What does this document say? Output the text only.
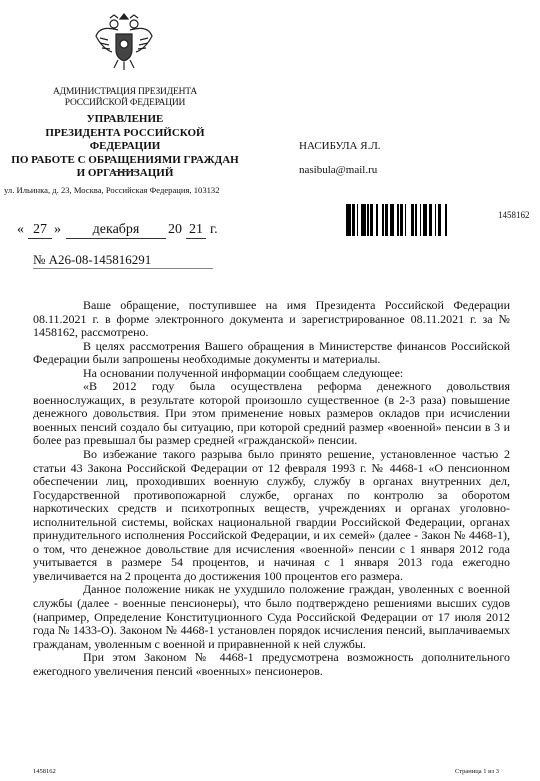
АДМИНИСТРАЦИЯ ПРЕЗИДЕНТА
РОССИЙСКОЙ ФЕДЕРАЦИИ
УПРАВЛЕНИЕ
ПРЕЗИДЕНТА РОССИЙСКОЙ ФЕДЕРАЦИИ
ПО РАБОТЕ С ОБРАЩЕНИЯМИ ГРАЖДАН
И ОРГАНИЗАЦИЙ
ул. Ильинка, д. 23, Москва, Российская Федерация, 103132
НАСИБУЛА Я.Л.
nasibula@mail.ru
1458162
« 27 »	декабря	20 21 г.
№ А26-08-145816291

Ваше обращение, поступившее на имя Президента Российской Федерации 08.11.2021 г. в форме электронного документа и зарегистрированное 08.11.2021 г. за № 1458162, рассмотрено.

В целях рассмотрения Вашего обращения в Министерстве финансов Российской Федерации были запрошены необходимые документы и материалы.

На основании полученной информации сообщаем следующее:

«В 2012 году была осуществлена реформа денежного довольствия военнослужащих, в результате которой произошло существенное (в 2-3 раза) повышение денежного довольствия. При этом применение новых размеров окладов при исчислении военных пенсий создало бы ситуацию, при которой средний размер «военной» пенсии в 3 и более раз превышал бы размер средней «гражданской» пенсии.

Во избежание такого разрыва было принято решение, установленное частью 2 статьи 43 Закона Российской Федерации от 12 февраля 1993 г. № 4468-1 «О пенсионном обеспечении лиц, проходивших военную службу, службу в органах внутренних дел, Государственной противопожарной службе, органах по контролю за оборотом наркотических средств и психотропных веществ, учреждениях и органах уголовно-исполнительной системы, войсках национальной гвардии Российской Федерации, органах принудительного исполнения Российской Федерации, и их семей» (далее - Закон № 4468-1), о том, что денежное довольствие для исчисления «военной» пенсии с 1 января 2012 года учитывается в размере 54 процентов, и начиная с 1 января 2013 года ежегодно увеличивается на 2 процента до достижения 100 процентов его размера.

Данное положение никак не ухудшило положение граждан, уволенных с военной службы (далее - военные пенсионеры), что было подтверждено решениями высших судов (например, Определение Конституционного Суда Российской Федерации от 17 июля 2012 года № 1433-О). Законом № 4468-1 установлен порядок исчисления пенсий, выплачиваемых гражданам, уволенным с военной и приравненной к ней службы.

При этом Законом № 4468-1 предусмотрена возможность дополнительного ежегодного увеличения пенсий «военных» пенсионеров.

1458162	Страница 1 из 3
